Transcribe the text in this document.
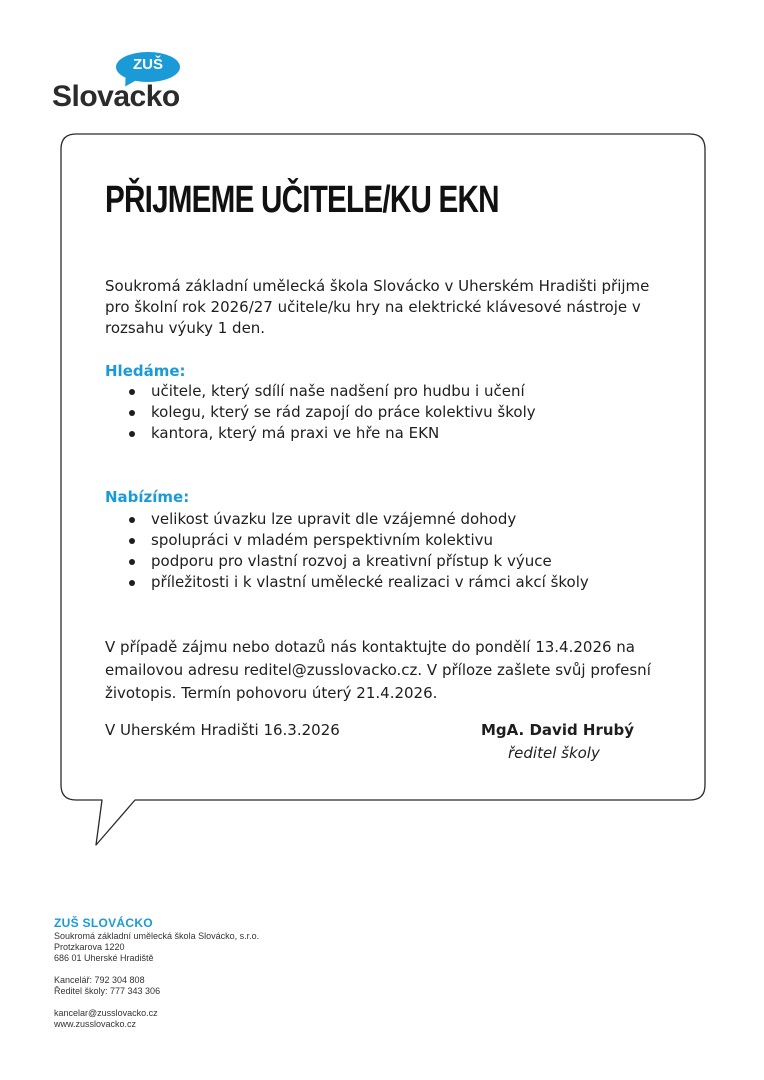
ZUŠ
Slovacko
PŘIJMEME UČITELE/KU EKN

Soukromá základní umělecká škola Slovácko v Uherském Hradišti přijme pro školní rok 2026/27 učitele/ku hry na elektrické klávesové nástroje v rozsahu výuky 1 den.

Hledáme:
učitele, který sdílí naše nadšení pro hudbu i učení
kolegu, který se rád zapojí do práce kolektivu školy
kantora, který má praxi ve hře na EKN
Nabízíme:
velikost úvazku lze upravit dle vzájemné dohody
spolupráci v mladém perspektivním kolektivu
podporu pro vlastní rozvoj a kreativní přístup k výuce
příležitosti i k vlastní umělecké realizaci v rámci akcí školy

V případě zájmu nebo dotazů nás kontaktujte do pondělí 13.4.2026 na emailovou adresu reditel@zusslovacko.cz. V příloze zašlete svůj profesní životopis. Termín pohovoru úterý 21.4.2026.

V Uherském Hradišti 16.3.2026	MgA. David Hrubý
ředitel školy
ZUŠ SLOVÁCKO
Soukromá základní umělecká škola Slovácko, s.r.o.
Protzkarova 1220
686 01 Uherské Hradiště
Kancelář: 792 304 808
Ředitel školy: 777 343 306
kancelar@zusslovacko.cz
www.zusslovacko.cz
